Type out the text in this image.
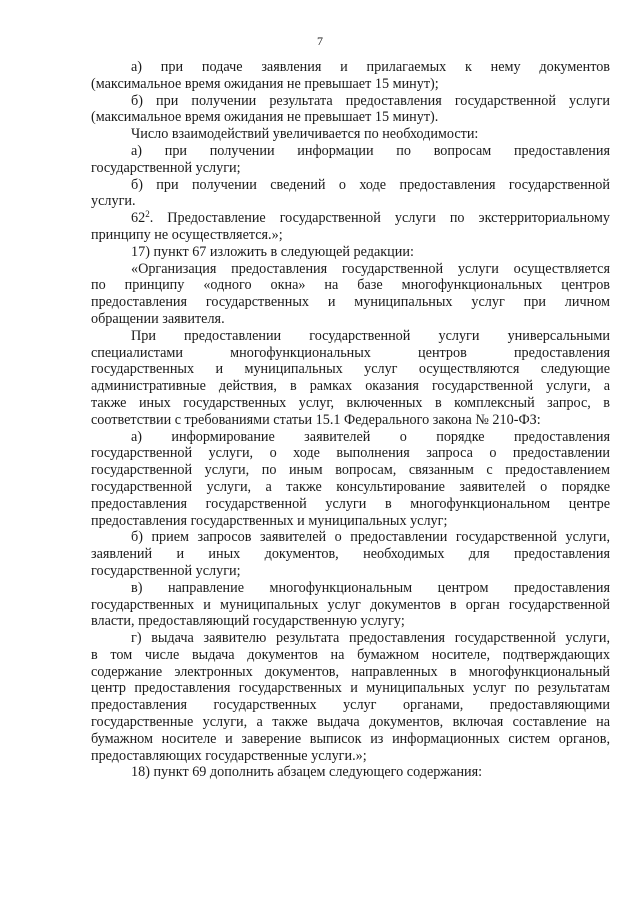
7
а) при подаче заявления и прилагаемых к нему документов
(максимальное время ожидания не превышает 15 минут);
б) при получении результата предоставления государственной услуги
(максимальное время ожидания не превышает 15 минут).
Число взаимодействий увеличивается по необходимости:
а) при получении информации по вопросам предоставления
государственной услуги;
б) при получении сведений о ходе предоставления государственной
услуги.
$62^2$. Предоставление государственной услуги по экстерриториальному
принципу не осуществляется.»;
17) пункт 67 изложить в следующей редакции:
«Организация предоставления государственной услуги осуществляется
по принципу «одного окна» на базе многофункциональных центров
предоставления государственных и муниципальных услуг при личном
обращении заявителя.
При предоставлении государственной услуги универсальными
специалистами многофункциональных центров предоставления
государственных и муниципальных услуг осуществляются следующие
административные действия, в рамках оказания государственной услуги, а
также иных государственных услуг, включенных в комплексный запрос, в
соответствии с требованиями статьи 15.1 Федерального закона № 210-ФЗ:
а) информирование заявителей о порядке предоставления
государственной услуги, о ходе выполнения запроса о предоставлении
государственной услуги, по иным вопросам, связанным с предоставлением
государственной услуги, а также консультирование заявителей о порядке
предоставления государственной услуги в многофункциональном центре
предоставления государственных и муниципальных услуг;
б) прием запросов заявителей о предоставлении государственной услуги,
заявлений и иных документов, необходимых для предоставления
государственной услуги;
в) направление многофункциональным центром предоставления
государственных и муниципальных услуг документов в орган государственной
власти, предоставляющий государственную услугу;
г) выдача заявителю результата предоставления государственной услуги,
в том числе выдача документов на бумажном носителе, подтверждающих
содержание электронных документов, направленных в многофункциональный
центр предоставления государственных и муниципальных услуг по результатам
предоставления государственных услуг органами, предоставляющими
государственные услуги, а также выдача документов, включая составление на
бумажном носителе и заверение выписок из информационных систем органов,
предоставляющих государственные услуги.»;
18) пункт 69 дополнить абзацем следующего содержания:
